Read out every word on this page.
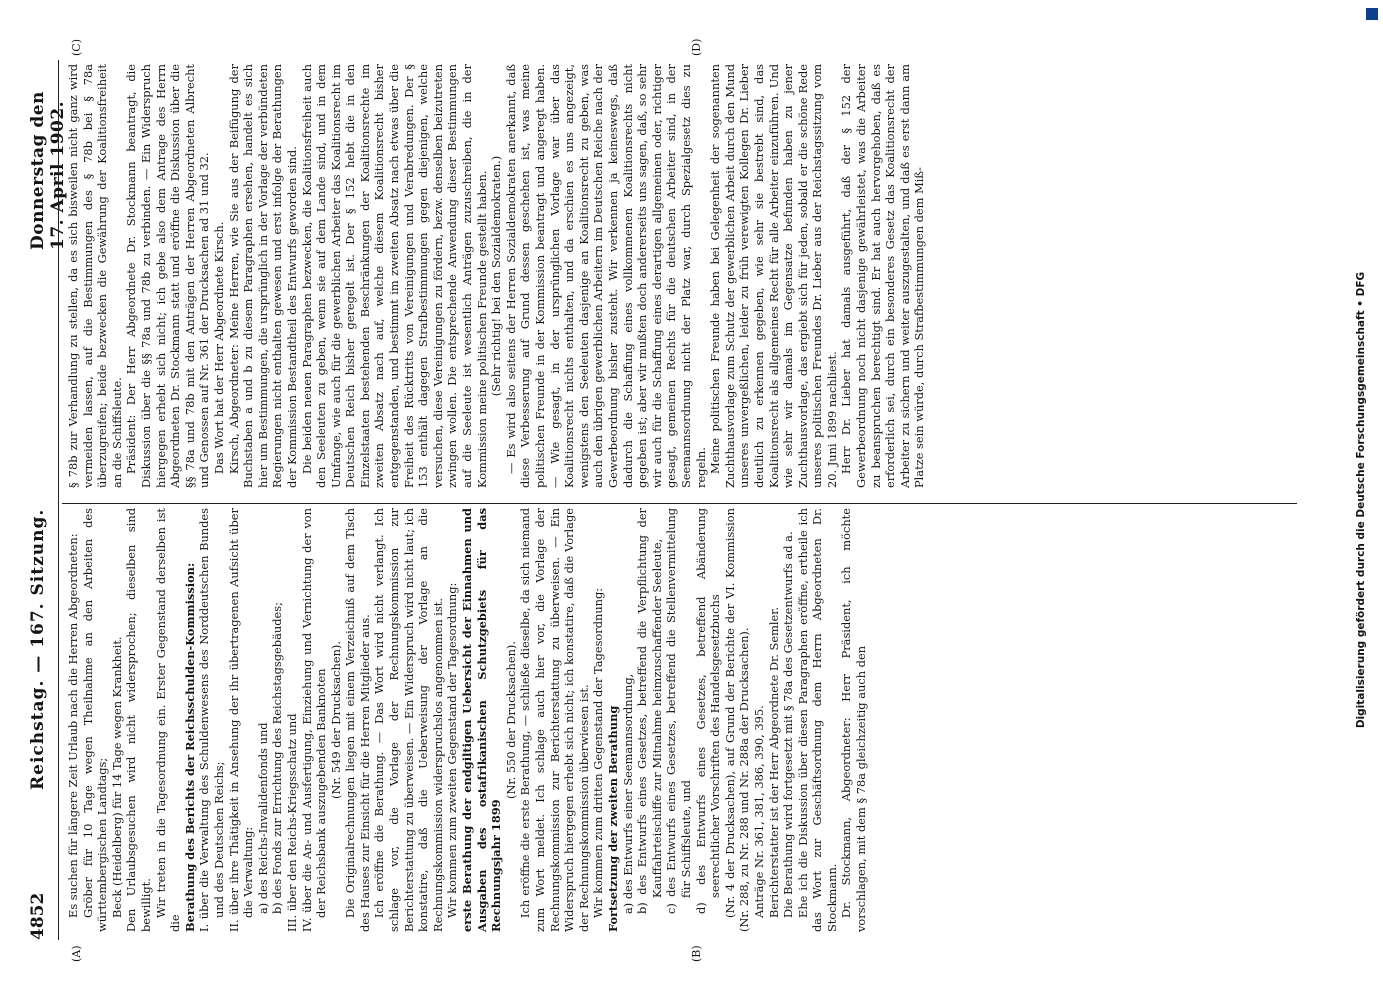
4852
Reichstag. — 167. Sitzung.
Donnerstag den 17. April 1902.
(A)	(B)
(C)	(D)

Es suchen für längere Zeit Urlaub nach die Herren Abgeordneten: Gröber für 10 Tage wegen Theilnahme an den Arbeiten des württembergischen Landtags; Beck (Heidelberg) für 14 Tage wegen Krankheit. Den Urlaubsgesuchen wird nicht widersprochen; dieselben sind bewilligt. Wir treten in die Tagesordnung ein. Erster Gegenstand derselben ist die Berathung des Berichts der Reichsschulden-Kommission: I. über die Verwaltung des Schuldenwesens des Norddeutschen Bundes und des Deutschen Reichs; II. über ihre Thätigkeit in Ansehung der ihr übertragenen Aufsicht über die Verwaltung: a) des Reichs-Invalidenfonds und b) des Fonds zur Errichtung des Reichstagsgebäudes; III. über den Reichs-Kriegsschatz und IV. über die An- und Ausfertigung, Einziehung und Vernichtung der von der Reichsbank auszugebenden Banknoten (Nr. 549 der Drucksachen). Die Originalrechnungen liegen mit einem Verzeichniß auf dem Tisch des Hauses zur Einsicht für die Herren Mitglieder aus. Ich eröffne die Berathung. — Das Wort wird nicht verlangt. Ich schlage vor, die Vorlage der Rechnungskommission zur Berichterstattung zu überweisen. — Ein Widerspruch wird nicht laut; ich konstatire, daß die Ueberweisung der Vorlage an die Rechnungskommission widerspruchslos angenommen ist. Wir kommen zum zweiten Gegenstand der Tagesordnung: erste Berathung der endgiltigen Uebersicht der Einnahmen und Ausgaben des ostafrikanischen Schutzgebiets für das Rechnungsjahr 1899

(Nr. 550 der Drucksachen). Ich eröffne die erste Berathung, — schließe dieselbe, da sich niemand zum Wort meldet. Ich schlage auch hier vor, die Vorlage der Rechnungskommission zur Berichterstattung zu überweisen. — Ein Widerspruch hiergegen erhebt sich nicht; ich konstatire, daß die Vorlage der Rechnungskommission überwiesen ist. Wir kommen zum dritten Gegenstand der Tagesordnung: Fortsetzung der zweiten Berathung a) des Entwurfs einer Seemannsordnung, b) des Entwurfs eines Gesetzes, betreffend die Verpflichtung der Kauffahrteischiffe zur Mitnahme heimzuschaffender Seeleute, c) des Entwurfs eines Gesetzes, betreffend die Stellenvermittelung für Schiffsleute, und d) des Entwurfs eines Gesetzes, betreffend Abänderung seerechtlicher Vorschriften des Handelsgesetzbuchs (Nr. 4 der Drucksachen), auf Grund der Berichte der VI. Kommission (Nr. 288, zu Nr. 288 und Nr. 288a der Drucksachen). Anträge Nr. 361, 381, 386, 390, 395. Berichterstatter ist der Herr Abgeordnete Dr. Semler. Die Berathung wird fortgesetzt mit § 78a des Gesetzentwurfs ad a. Ehe ich die Diskussion über diesen Paragraphen eröffne, ertheile ich das Wort zur Geschäftsordnung dem Herrn Abgeordneten Dr. Stockmann. Dr. Stockmann, Abgeordneter: Herr Präsident, ich möchte vorschlagen, mit dem § 78a gleichzeitig auch den

§ 78b zur Verhandlung zu stellen, da es sich bisweilen nicht ganz wird vermeiden lassen, auf die Bestimmungen des § 78b bei § 78a überzugreifen; beide bezwecken die Gewährung der Koalitionsfreiheit an die Schiffsleute. Präsident: Der Herr Abgeordnete Dr. Stockmann beantragt, die Diskussion über die §§ 78a und 78b zu verbinden. — Ein Widerspruch hiergegen erhebt sich nicht; ich gebe also dem Antrage des Herrn Abgeordneten Dr. Stockmann statt und eröffne die Diskussion über die §§ 78a und 78b mit den Anträgen der Herren Abgeordneten Albrecht und Genossen auf Nr. 361 der Drucksachen ad 31 und 32. Das Wort hat der Herr Abgeordnete Kirsch. Kirsch, Abgeordneter: Meine Herren, wie Sie aus der Beifügung der Buchstaben a und b zu diesem Paragraphen ersehen, handelt es sich hier um Bestimmungen, die ursprünglich in der Vorlage der verbündeten Regierungen nicht enthalten gewesen und erst infolge der Berathungen der Kommission Bestandtheil des Entwurfs geworden sind. Die beiden neuen Paragraphen bezwecken, die Koalitionsfreiheit auch den Seeleuten zu geben, wenn sie auf dem Lande sind, und in dem Umfange, wie auch für die gewerblichen Arbeiter das Koalitionsrecht im Deutschen Reich bisher geregelt ist. Der § 152 hebt die in den Einzelstaaten bestehenden Beschränkungen der Koalitionsrechte im zweiten Absatz nach auf, welche diesem Koalitionsrecht bisher entgegenstanden, und bestimmt im zweiten Absatz nach etwas über die Freiheit des Rücktritts von Vereinigungen und Verabredungen. Der § 153 enthält dagegen Strafbestimmungen gegen diejenigen, welche versuchen, diese Vereinigungen zu fördern, bezw. denselben beizutreten zwingen wollen. Die entsprechende Anwendung dieser Bestimmungen auf die Seeleute ist wesentlich Anträgen zuzuschreiben, die in der Kommission meine politischen Freunde gestellt haben. (Sehr richtig! bei den Sozialdemokraten.) — Es wird also seitens der Herren Sozialdemokraten anerkannt, daß diese Verbesserung auf Grund dessen geschehen ist, was meine politischen Freunde in der Kommission beantragt und angeregt haben. — Wie gesagt, in der ursprünglichen Vorlage war über das Koalitionsrecht nichts enthalten, und da erschien es uns angezeigt, wenigstens den Seeleuten dasjenige an Koalitionsrecht zu geben, was auch den übrigen gewerblichen Arbeitern im Deutschen Reiche nach der Gewerbeordnung bisher zusteht. Wir verkennen ja keineswegs, daß dadurch die Schaffung eines vollkommenen Koalitionsrechts nicht gegeben ist; aber wir mußten doch andererseits uns sagen, daß, so sehr wir auch für die Schaffung eines derartigen allgemeinen oder, richtiger gesagt, gemeinen Rechts für die deutschen Arbeiter sind, in der Seemannsordnung nicht der Platz war, durch Spezialgesetz dies zu regeln. Meine politischen Freunde haben bei Gelegenheit der sogenannten Zuchthausvorlage zum Schutz der gewerblichen Arbeit durch den Mund unseres unvergeßlichen, leider zu früh verewigten Kollegen Dr. Lieber deutlich zu erkennen gegeben, wie sehr sie bestrebt sind, das Koalitionsrecht als allgemeines Recht für alle Arbeiter einzuführen. Und wie sehr wir damals im Gegensatze befunden haben zu jener Zuchthausvorlage, das ergiebt sich für jeden, sobald er die schöne Rede unseres politischen Freundes Dr. Lieber aus der Reichstagssitzung vom 20. Juni 1899 nachliest. Herr Dr. Lieber hat damals ausgeführt, daß der § 152 der Gewerbeordnung noch nicht dasjenige gewährleistet, was die Arbeiter zu beanspruchen berechtigt sind. Er hat auch hervorgehoben, daß es erforderlich sei, durch ein besonderes Gesetz das Koalitionsrecht der Arbeiter zu sichern und weiter auszugestalten, und daß es erst dann am Platze sein würde, durch Strafbestimmungen dem Miß-	Digitalisierung gefördert durch die Deutsche Forschungsgemeinschaft • DFG
